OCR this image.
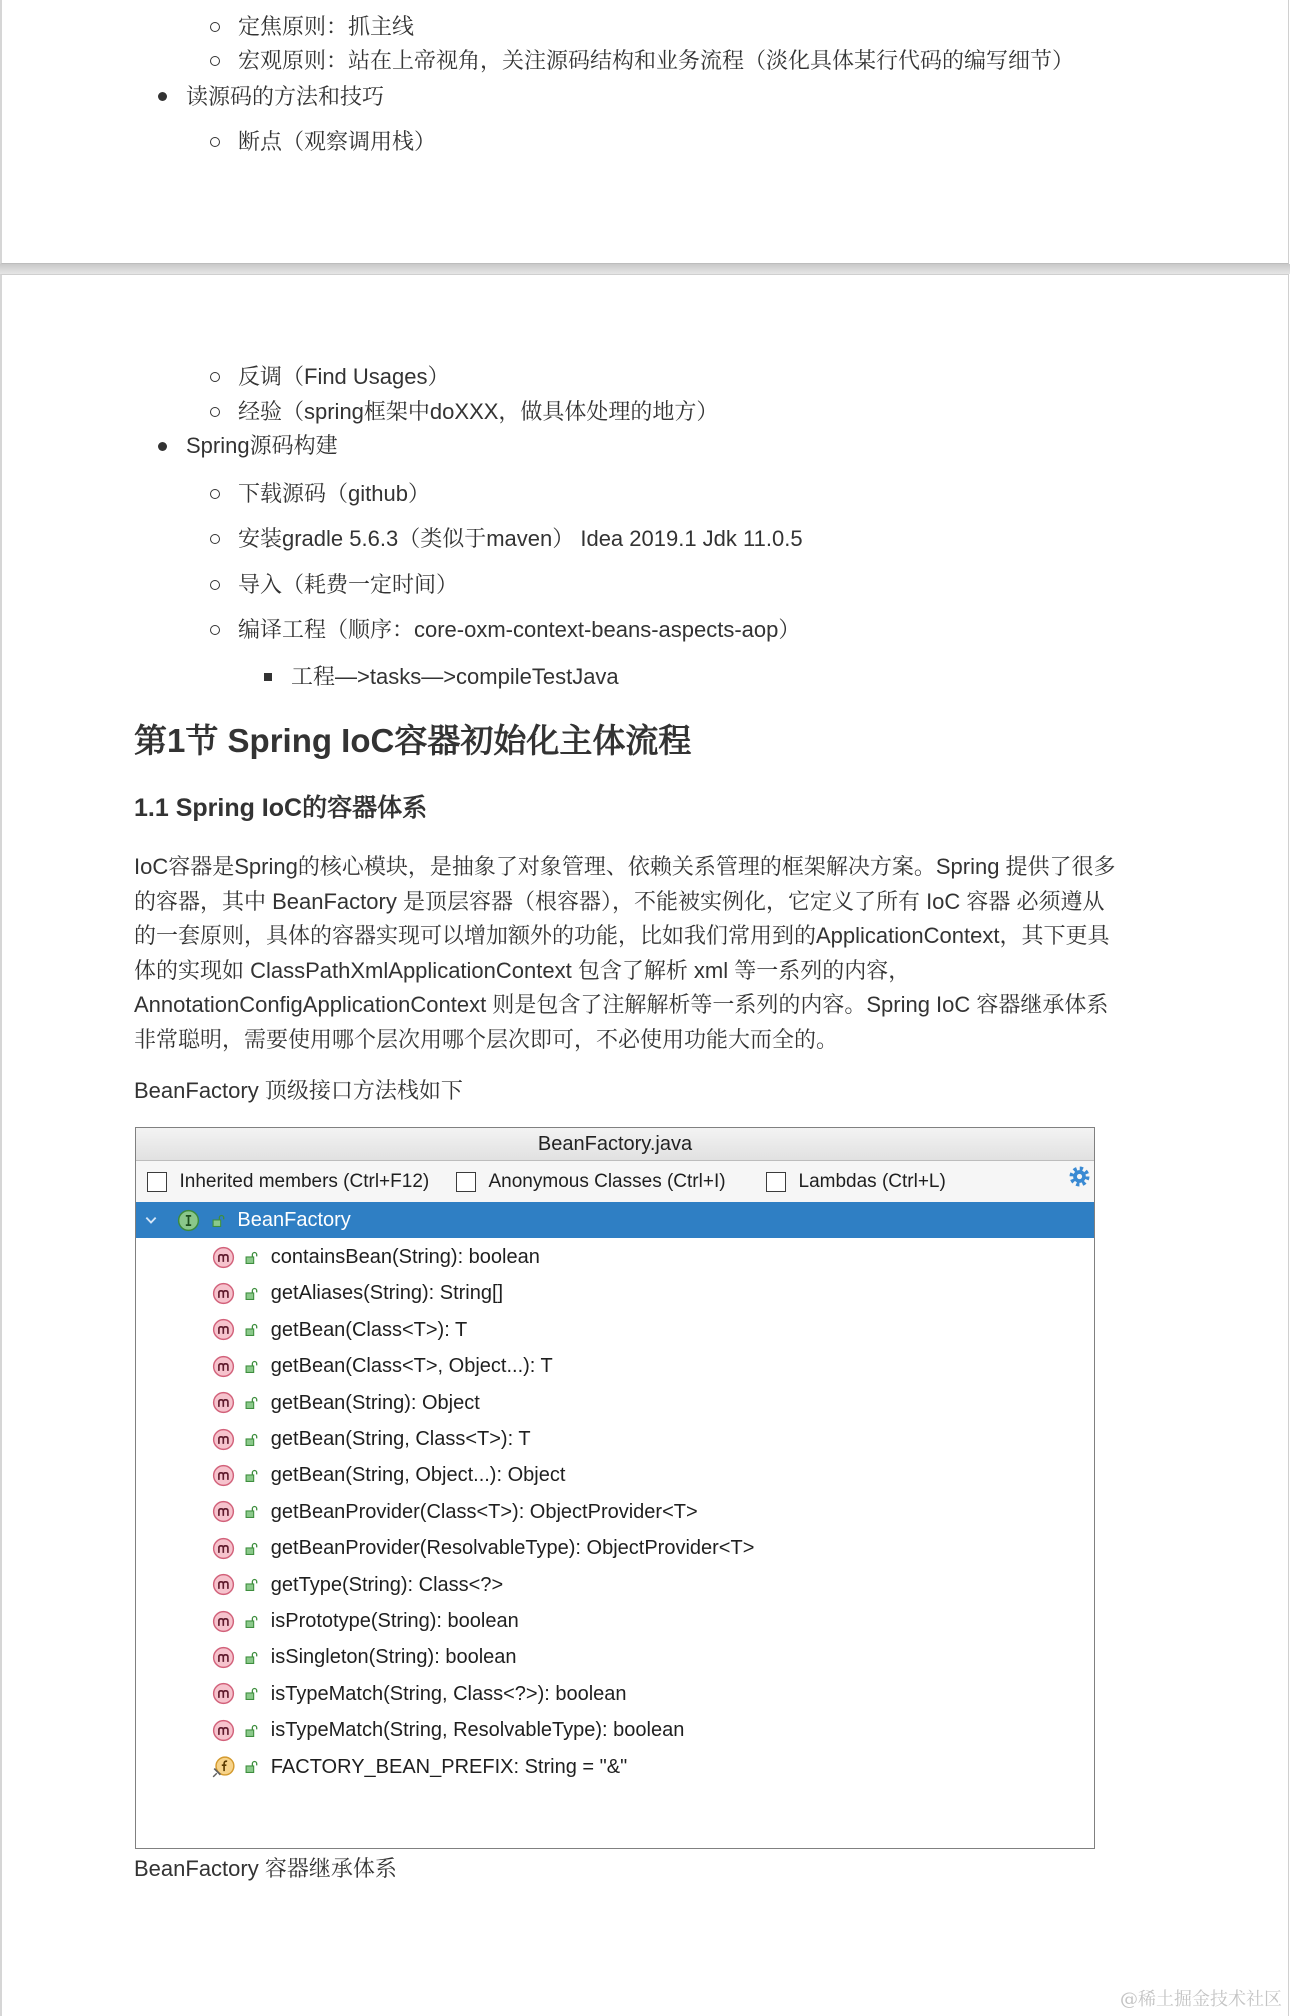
定焦原则：抓主线
宏观原则：站在上帝视角，关注源码结构和业务流程（淡化具体某行代码的编写细节）
读源码的方法和技巧
断点（观察调用栈）
反调（Find Usages）
经验（spring框架中doXXX，做具体处理的地方）
Spring源码构建
下载源码（github）
安装gradle 5.6.3（类似于maven） Idea 2019.1 Jdk 11.0.5
导入（耗费一定时间）
编译工程（顺序：core-oxm-context-beans-aspects-aop）
工程—>tasks—>compileTestJava
第1节 Spring IoC容器初始化主体流程
1.1 Spring IoC的容器体系
IoC容器是Spring的核心模块，是抽象了对象管理、依赖关系管理的框架解决方案。Spring 提供了很多
的容器，其中 BeanFactory 是顶层容器（根容器），不能被实例化，它定义了所有 IoC 容器 必须遵从
的一套原则，具体的容器实现可以增加额外的功能，比如我们常用到的ApplicationContext，其下更具
体的实现如 ClassPathXmlApplicationContext 包含了解析 xml 等一系列的内容，
AnnotationConfigApplicationContext 则是包含了注解解析等一系列的内容。Spring IoC 容器继承体系
非常聪明，需要使用哪个层次用哪个层次即可，不必使用功能大而全的。
BeanFactory 顶级接口方法栈如下
BeanFactory.java
Inherited members (Ctrl+F12)	Anonymous Classes (Ctrl+I)	Lambdas (Ctrl+L)
BeanFactory
containsBean(String): boolean
getAliases(String): String[]
getBean(Class<T>): T
getBean(Class<T>, Object...): T
getBean(String): Object
getBean(String, Class<T>): T
getBean(String, Object...): Object
getBeanProvider(Class<T>): ObjectProvider<T>
getBeanProvider(ResolvableType): ObjectProvider<T>
getType(String): Class<?>
isPrototype(String): boolean
isSingleton(String): boolean
isTypeMatch(String, Class<?>): boolean
isTypeMatch(String, ResolvableType): boolean
FACTORY_BEAN_PREFIX: String = "&"
BeanFactory 容器继承体系
@稀土掘金技术社区
